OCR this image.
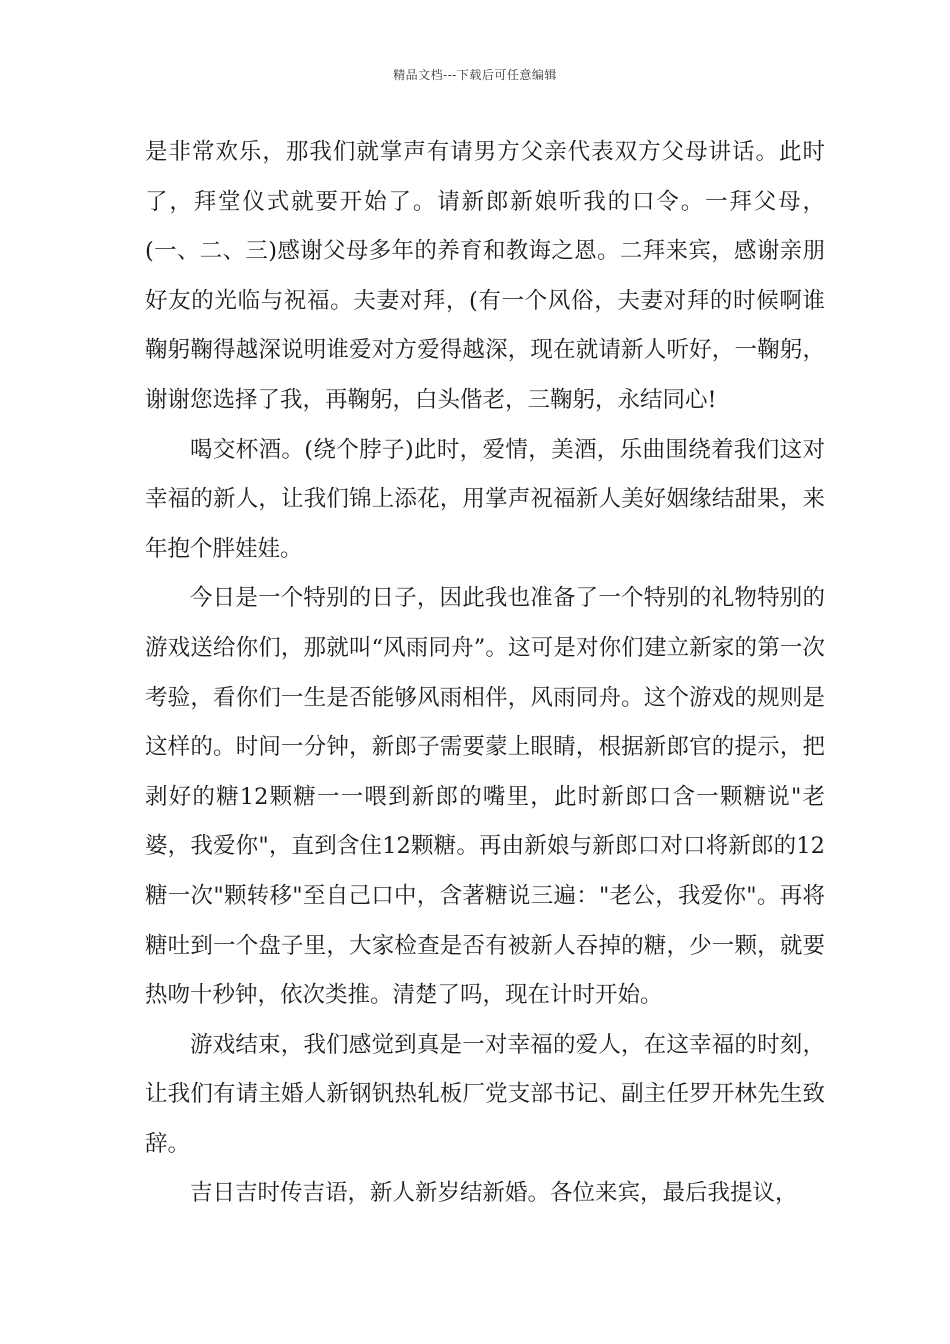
精品文档---下载后可任意编辑

是非常欢乐，那我们就掌声有请男方父亲代表双方父母讲话。此时了，拜堂仪式就要开始了。请新郎新娘听我的口令。一拜父母，(一、二、三)感谢父母多年的养育和教诲之恩。二拜来宾，感谢亲朋好友的光临与祝福。夫妻对拜，(有一个风俗，夫妻对拜的时候啊谁鞠躬鞠得越深说明谁爱对方爱得越深，现在就请新人听好，一鞠躬，谢谢您选择了我，再鞠躬，白头偕老，三鞠躬，永结同心!

喝交杯酒。(绕个脖子)此时，爱情，美酒，乐曲围绕着我们这对幸福的新人，让我们锦上添花，用掌声祝福新人美好姻缘结甜果，来年抱个胖娃娃。

今日是一个特别的日子，因此我也准备了一个特别的礼物特别的游戏送给你们，那就叫“风雨同舟”。这可是对你们建立新家的第一次考验，看你们一生是否能够风雨相伴，风雨同舟。这个游戏的规则是这样的。时间一分钟，新郎子需要蒙上眼睛，根据新郎官的提示，把剥好的糖12颗糖一一喂到新郎的嘴里，此时新郎口含一颗糖说"老婆，我爱你"，直到含住12颗糖。再由新娘与新郎口对口将新郎的12糖一次"颗转移"至自己口中，含著糖说三遍："老公，我爱你"。再将糖吐到一个盘子里，大家检查是否有被新人吞掉的糖，少一颗，就要热吻十秒钟，依次类推。清楚了吗，现在计时开始。

游戏结束，我们感觉到真是一对幸福的爱人，在这幸福的时刻，让我们有请主婚人新钢钒热轧板厂党支部书记、副主任罗开林先生致辞。

吉日吉时传吉语，新人新岁结新婚。各位来宾，最后我提议，
